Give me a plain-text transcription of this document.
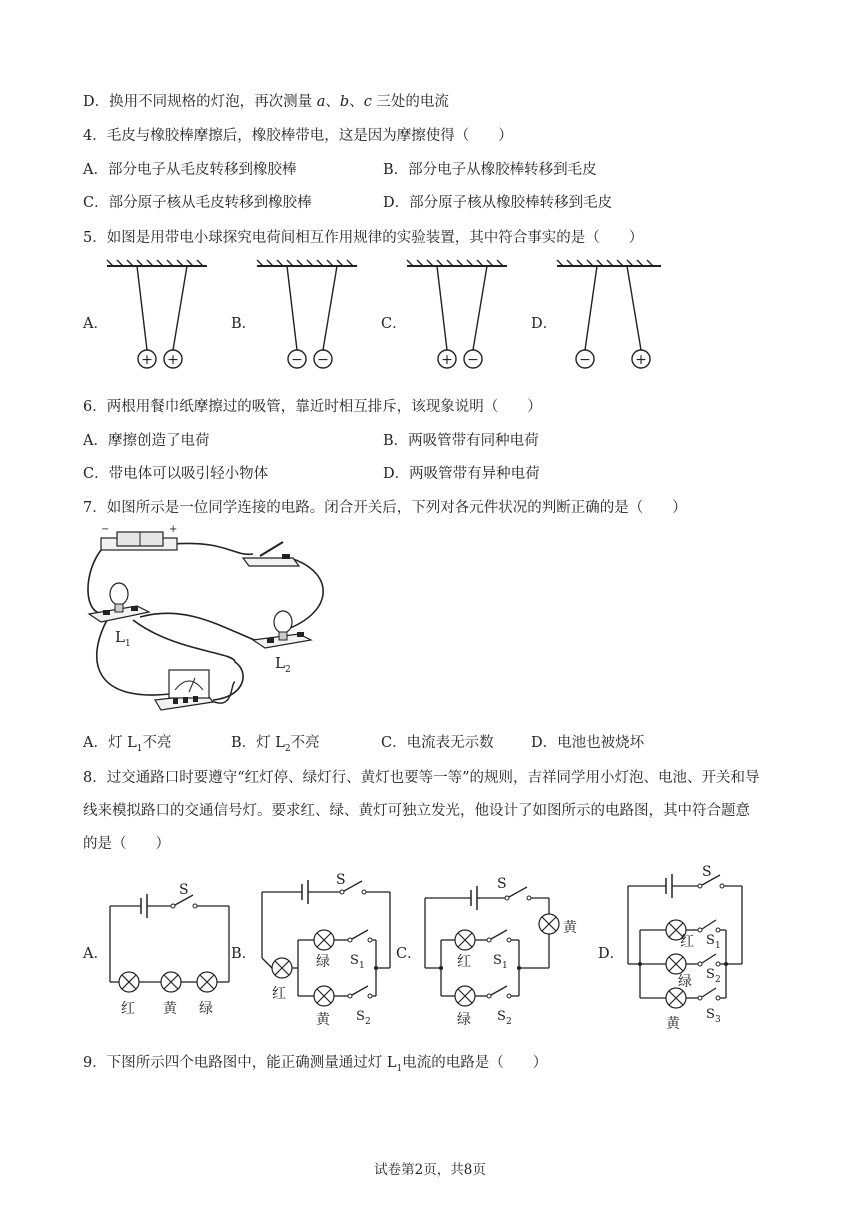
D．换用不同规格的灯泡，再次测量 a、b、c 三处的电流
4．毛皮与橡胶棒摩擦后，橡胶棒带电，这是因为摩擦使得（　　）
A．部分电子从毛皮转移到橡胶棒	B．部分电子从橡胶棒转移到毛皮
C．部分原子核从毛皮转移到橡胶棒	D．部分原子核从橡胶棒转移到毛皮
5．如图是用带电小球探究电荷间相互作用规律的实验装置，其中符合事实的是（　　）
A．	B．	C．	D．
+ +	− −	+ −	−	+
6．两根用餐巾纸摩擦过的吸管，靠近时相互排斥，该现象说明（　　）
A．摩擦创造了电荷	B．两吸管带有同种电荷
C．带电体可以吸引轻小物体	D．两吸管带有异种电荷
7．如图所示是一位同学连接的电路。闭合开关后，下列对各元件状况的判断正确的是（　　）
−	+
L 1
L 2
A．灯 $L_1$不亮	B．灯 $L_2$不亮	C．电流表无示数	D．电池也被烧坏
8．过交通路口时要遵守“红灯停、绿灯行、黄灯也要等一等”的规则，吉祥同学用小灯泡、电池、开关和导
线来模拟路口的交通信号灯。要求红、绿、黄灯可独立发光，他设计了如图所示的电路图，其中符合题意
的是（　　）
A．	B．	C．	D．
S
红 黄 绿
S
红
绿
黄
S 1
S 2
S
黄
红
绿
S 1
S 2
S
红
绿
黄
S 1
S 2
S 3
9．下图所示四个电路图中，能正确测量通过灯 $L_1$电流的电路是（　　）
试卷第2页，共8页
